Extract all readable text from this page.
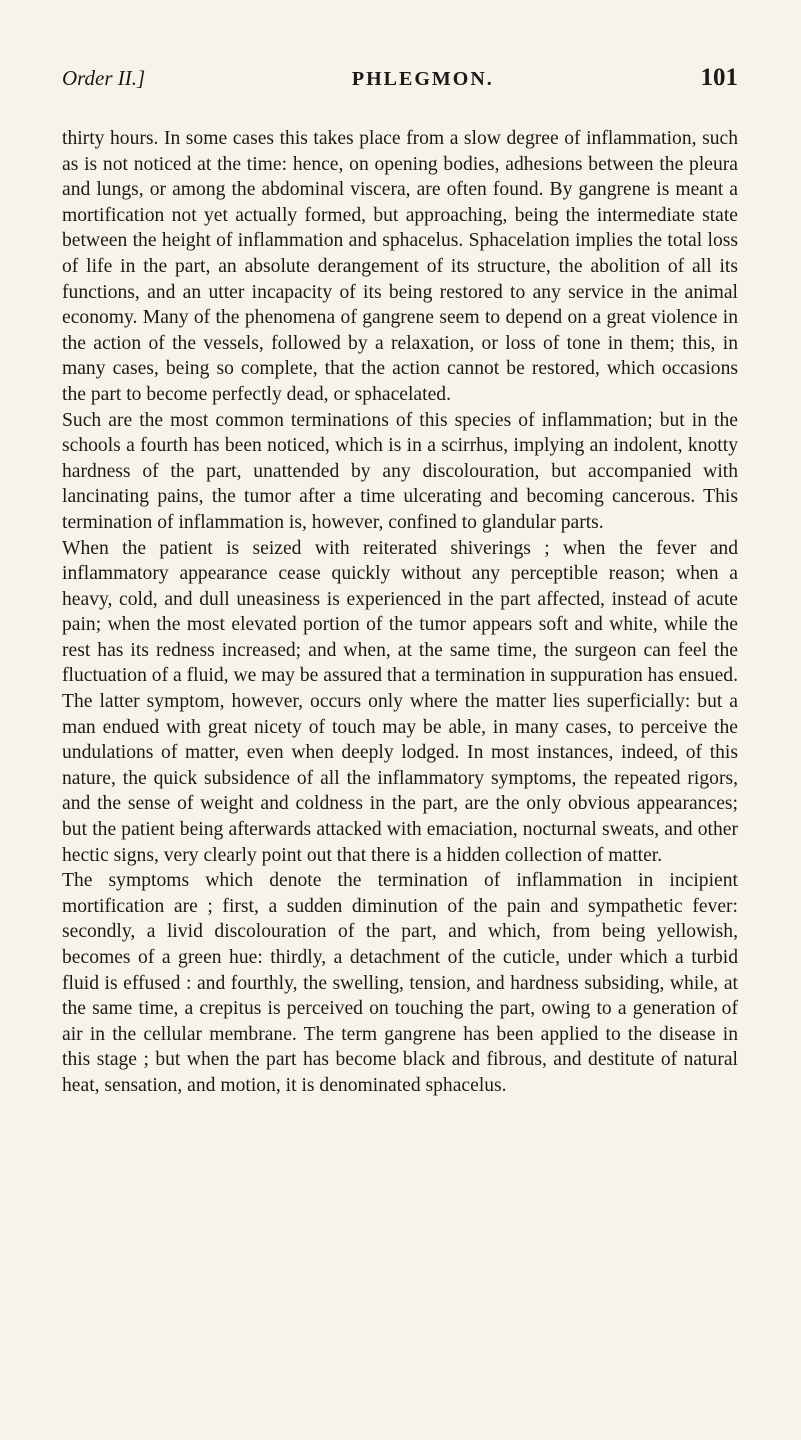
Order II.]	PHLEGMON.	101

thirty hours. In some cases this takes place from a slow degree of inflammation, such as is not noticed at the time: hence, on opening bodies, adhesions between the pleura and lungs, or among the abdominal viscera, are often found. By gangrene is meant a mortification not yet actually formed, but approaching, being the intermediate state between the height of inflammation and sphacelus. Sphacelation implies the total loss of life in the part, an absolute derangement of its structure, the abolition of all its functions, and an utter incapacity of its being restored to any service in the animal economy. Many of the phenomena of gangrene seem to depend on a great violence in the action of the vessels, followed by a relaxation, or loss of tone in them; this, in many cases, being so complete, that the action cannot be restored, which occasions the part to become perfectly dead, or sphacelated.

Such are the most common terminations of this species of inflammation; but in the schools a fourth has been noticed, which is in a scirrhus, implying an indolent, knotty hardness of the part, unattended by any discolouration, but accompanied with lancinating pains, the tumor after a time ulcerating and becoming cancerous. This termination of inflammation is, however, confined to glandular parts.

When the patient is seized with reiterated shiverings ; when the fever and inflammatory appearance cease quickly without any perceptible reason; when a heavy, cold, and dull uneasiness is experienced in the part affected, instead of acute pain; when the most elevated portion of the tumor appears soft and white, while the rest has its redness increased; and when, at the same time, the surgeon can feel the fluctuation of a fluid, we may be assured that a termination in suppuration has ensued. The latter symptom, however, occurs only where the matter lies superficially: but a man endued with great nicety of touch may be able, in many cases, to perceive the undulations of matter, even when deeply lodged. In most instances, indeed, of this nature, the quick subsidence of all the inflammatory symptoms, the repeated rigors, and the sense of weight and coldness in the part, are the only obvious appearances; but the patient being afterwards attacked with emaciation, nocturnal sweats, and other hectic signs, very clearly point out that there is a hidden collection of matter.

The symptoms which denote the termination of inflammation in incipient mortification are ; first, a sudden diminution of the pain and sympathetic fever: secondly, a livid discolouration of the part, and which, from being yellowish, becomes of a green hue: thirdly, a detachment of the cuticle, under which a turbid fluid is effused : and fourthly, the swelling, tension, and hardness subsiding, while, at the same time, a crepitus is perceived on touching the part, owing to a generation of air in the cellular membrane. The term gangrene has been applied to the disease in this stage ; but when the part has become black and fibrous, and destitute of natural heat, sensation, and motion, it is denominated sphacelus.
